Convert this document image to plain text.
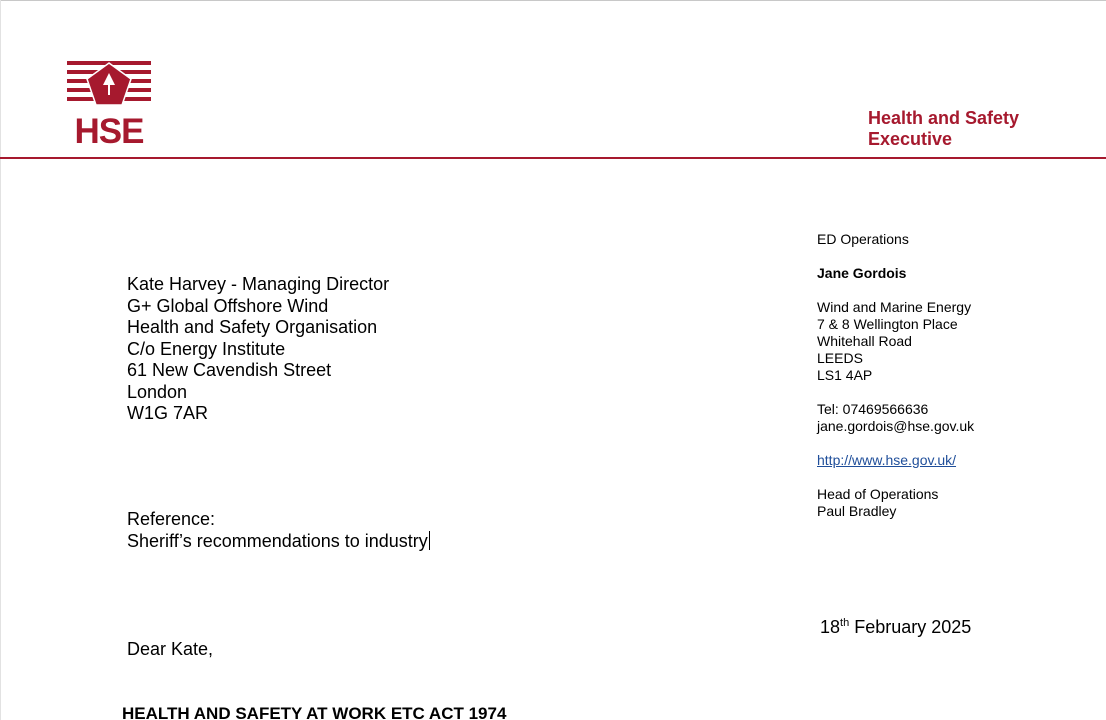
HSE	Health and Safety
Executive
Kate Harvey - Managing Director
G+ Global Offshore Wind
Health and Safety Organisation
C/o Energy Institute
61 New Cavendish Street
London
W1G 7AR
ED Operations
Jane Gordois
Wind and Marine Energy
7 & 8 Wellington Place
Whitehall Road
LEEDS
LS1 4AP
Tel: 07469566636
jane.gordois@hse.gov.uk
http://www.hse.gov.uk/
Head of Operations
Paul Bradley
Reference:
Sheriff’s recommendations to industry
18th February 2025
Dear Kate,
HEALTH AND SAFETY AT WORK ETC ACT 1974
